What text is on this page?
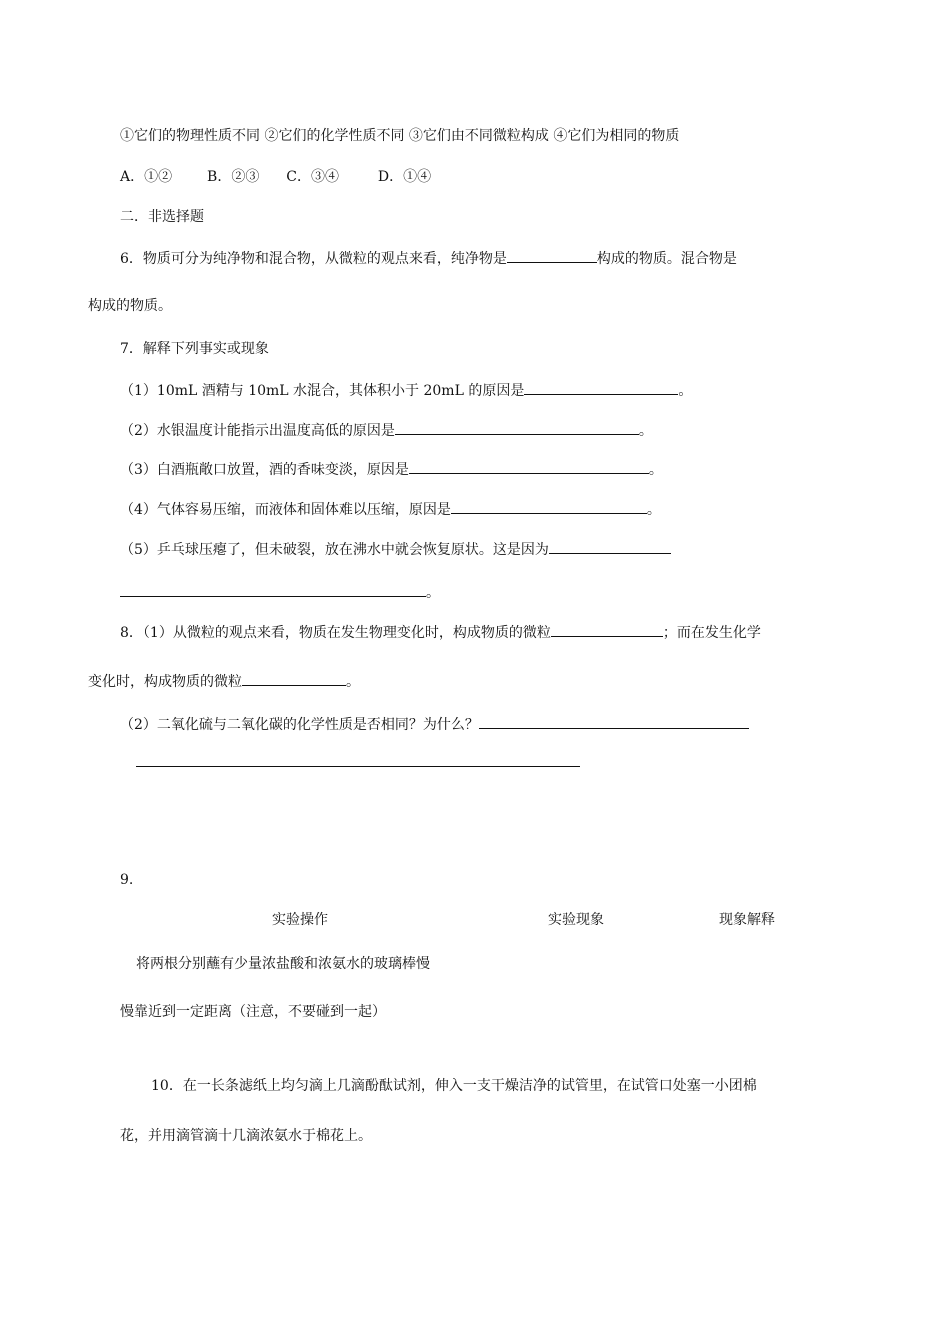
①它们的物理性质不同 ②它们的化学性质不同 ③它们由不同微粒构成 ④它们为相同的物质
A．①② B．②③ C．③④	D．①④
二．非选择题
6．物质可分为纯净物和混合物，从微粒的观点来看，纯净物是	构成的物质。混合物是
构成的物质。
7．解释下列事实或现象
（1）10mL 酒精与 10mL 水混合，其体积小于 20mL 的原因是	。
（2）水银温度计能指示出温度高低的原因是	。
（3）白酒瓶敞口放置，酒的香味变淡，原因是	。
（4）气体容易压缩，而液体和固体难以压缩，原因是	。
（5）乒乓球压瘪了，但未破裂，放在沸水中就会恢复原状。这是因为
。
8．（1）从微粒的观点来看，物质在发生物理变化时，构成物质的微粒	；而在发生化学
变化时，构成物质的微粒	。
（2）二氧化硫与二氧化碳的化学性质是否相同？为什么？
9.
实验操作	实验现象	现象解释
将两根分别蘸有少量浓盐酸和浓氨水的玻璃棒慢
慢靠近到一定距离（注意，不要碰到一起）
10．在一长条滤纸上均匀滴上几滴酚酞试剂，伸入一支干燥洁净的试管里，在试管口处塞一小团棉
花，并用滴管滴十几滴浓氨水于棉花上。
